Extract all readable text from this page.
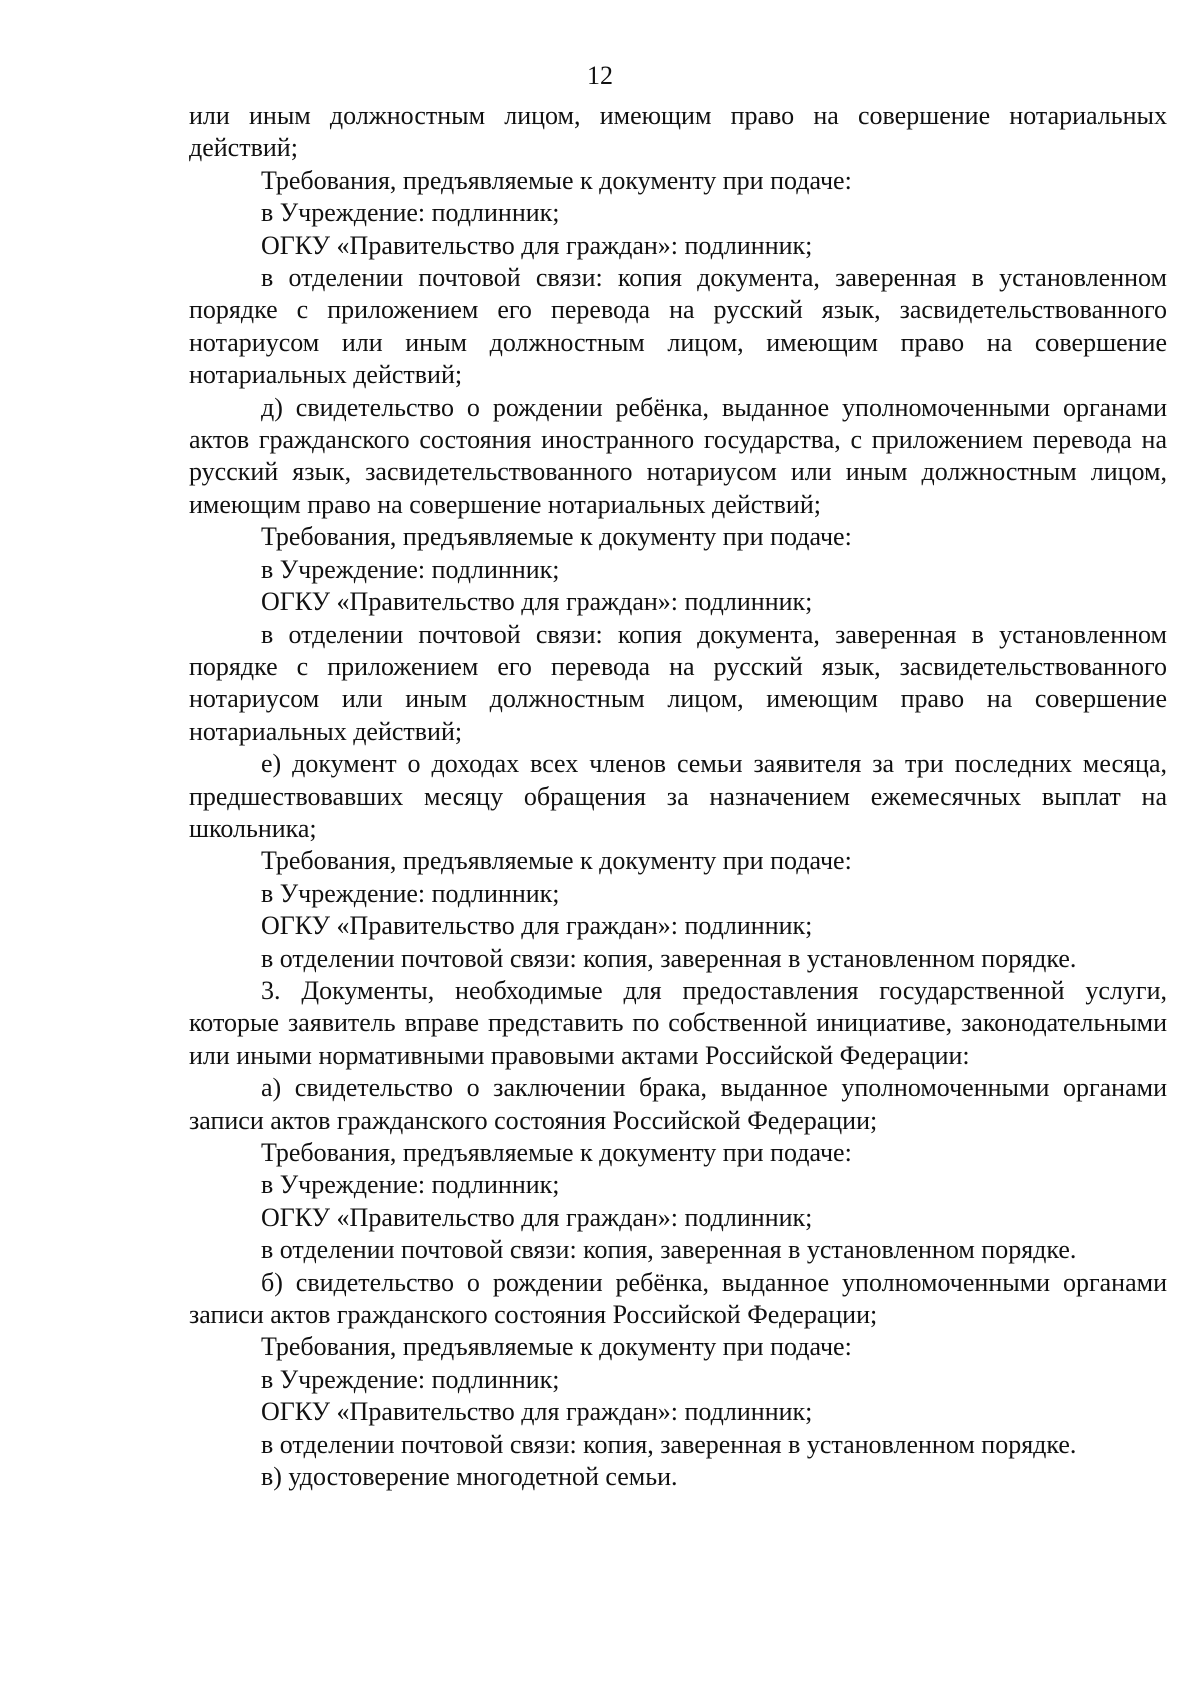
12

или иным должностным лицом, имеющим право на совершение нотариальных действий;

Требования, предъявляемые к документу при подаче:

в Учреждение: подлинник;

ОГКУ «Правительство для граждан»: подлинник;

в отделении почтовой связи: копия документа, заверенная в установленном порядке с приложением его перевода на русский язык, засвидетельствованного нотариусом или иным должностным лицом, имеющим право на совершение нотариальных действий;

д) свидетельство о рождении ребёнка, выданное уполномоченными органами актов гражданского состояния иностранного государства, с приложением перевода на русский язык, засвидетельствованного нотариусом или иным должностным лицом, имеющим право на совершение нотариальных действий;

Требования, предъявляемые к документу при подаче:

в Учреждение: подлинник;

ОГКУ «Правительство для граждан»: подлинник;

в отделении почтовой связи: копия документа, заверенная в установленном порядке с приложением его перевода на русский язык, засвидетельствованного нотариусом или иным должностным лицом, имеющим право на совершение нотариальных действий;

е) документ о доходах всех членов семьи заявителя за три последних месяца, предшествовавших месяцу обращения за назначением ежемесячных выплат на школьника;

Требования, предъявляемые к документу при подаче:

в Учреждение: подлинник;

ОГКУ «Правительство для граждан»: подлинник;

в отделении почтовой связи: копия, заверенная в установленном порядке.

3. Документы, необходимые для предоставления государственной услуги, которые заявитель вправе представить по собственной инициативе, законодательными или иными нормативными правовыми актами Российской Федерации:

а) свидетельство о заключении брака, выданное уполномоченными органами записи актов гражданского состояния Российской Федерации;

Требования, предъявляемые к документу при подаче:

в Учреждение: подлинник;

ОГКУ «Правительство для граждан»: подлинник;

в отделении почтовой связи: копия, заверенная в установленном порядке.

б) свидетельство о рождении ребёнка, выданное уполномоченными органами записи актов гражданского состояния Российской Федерации;

Требования, предъявляемые к документу при подаче:

в Учреждение: подлинник;

ОГКУ «Правительство для граждан»: подлинник;

в отделении почтовой связи: копия, заверенная в установленном порядке.

в) удостоверение многодетной семьи.
